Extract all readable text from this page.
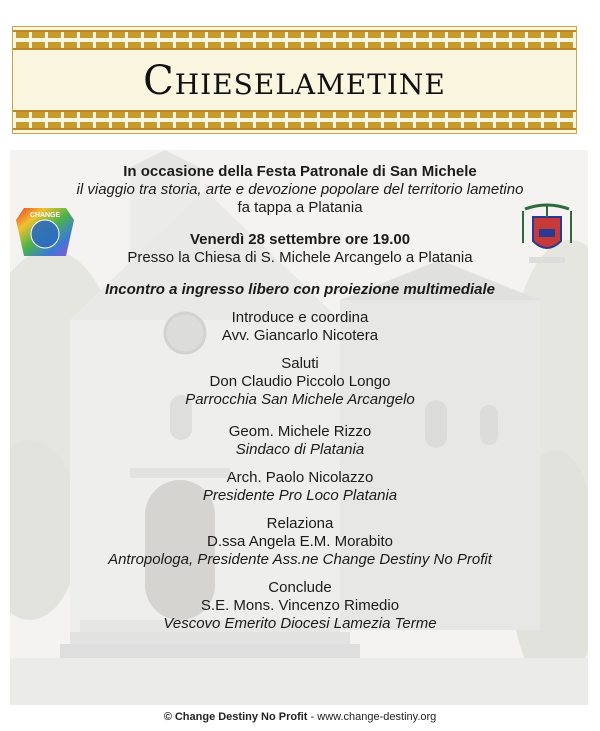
Chieselametine
CHANGE

In occasione della Festa Patronale di San Michele

il viaggio tra storia, arte e devozione popolare del territorio lametino

fa tappa a Platania

Venerdì 28 settembre ore 19.00

Presso la Chiesa di S. Michele Arcangelo a Platania

Incontro a ingresso libero con proiezione multimediale

Introduce e coordina

Avv. Giancarlo Nicotera

Saluti

Don Claudio Piccolo Longo

Parrocchia San Michele Arcangelo

Geom. Michele Rizzo

Sindaco di Platania

Arch. Paolo Nicolazzo

Presidente Pro Loco Platania

Relaziona

D.ssa Angela E.M. Morabito

Antropologa, Presidente Ass.ne Change Destiny No Profit

Conclude

S.E. Mons. Vincenzo Rimedio

Vescovo Emerito Diocesi Lamezia Terme

© Change Destiny No Profit - www.change-destiny.org
